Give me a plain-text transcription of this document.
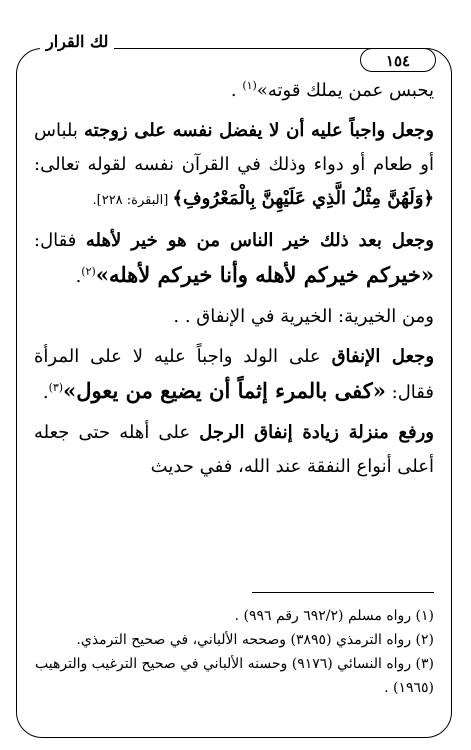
لك القرار
١٥٤

يحبس عمن يملك قوته»$^{(١)}$ .

وجعل واجباً عليه أن لا يفضل نفسه على زوجته بلباس أو طعام أو دواء وذلك في القرآن نفسه لقوله تعالى: ﴿وَلَهُنَّ مِثْلُ الَّذِي عَلَيْهِنَّ بِالْمَعْرُوفِ﴾ [البقرة: ٢٢٨].

وجعل بعد ذلك خير الناس من هو خير لأهله فقال: «خيركم خيركم لأهله وأنا خيركم لأهله»$^{(٢)}$.

ومن الخيرية: الخيرية في الإنفاق . .

وجعل الإنفاق على الولد واجباً عليه لا على المرأة فقال: «كفى بالمرء إثماً أن يضيع من يعول»$^{(٣)}$.

ورفع منزلة زيادة إنفاق الرجل على أهله حتى جعله أعلى أنواع النفقة عند الله، ففي حديث

(١) رواه مسلم (٦٩٢/٢ رقم ٩٩٦) .
(٢) رواه الترمذي (٣٨٩٥) وصححه الألباني، في صحيح الترمذي.
(٣) رواه النسائي (٩١٧٦) وحسنه الألباني في صحيح الترغيب والترهيب (١٩٦٥) .
